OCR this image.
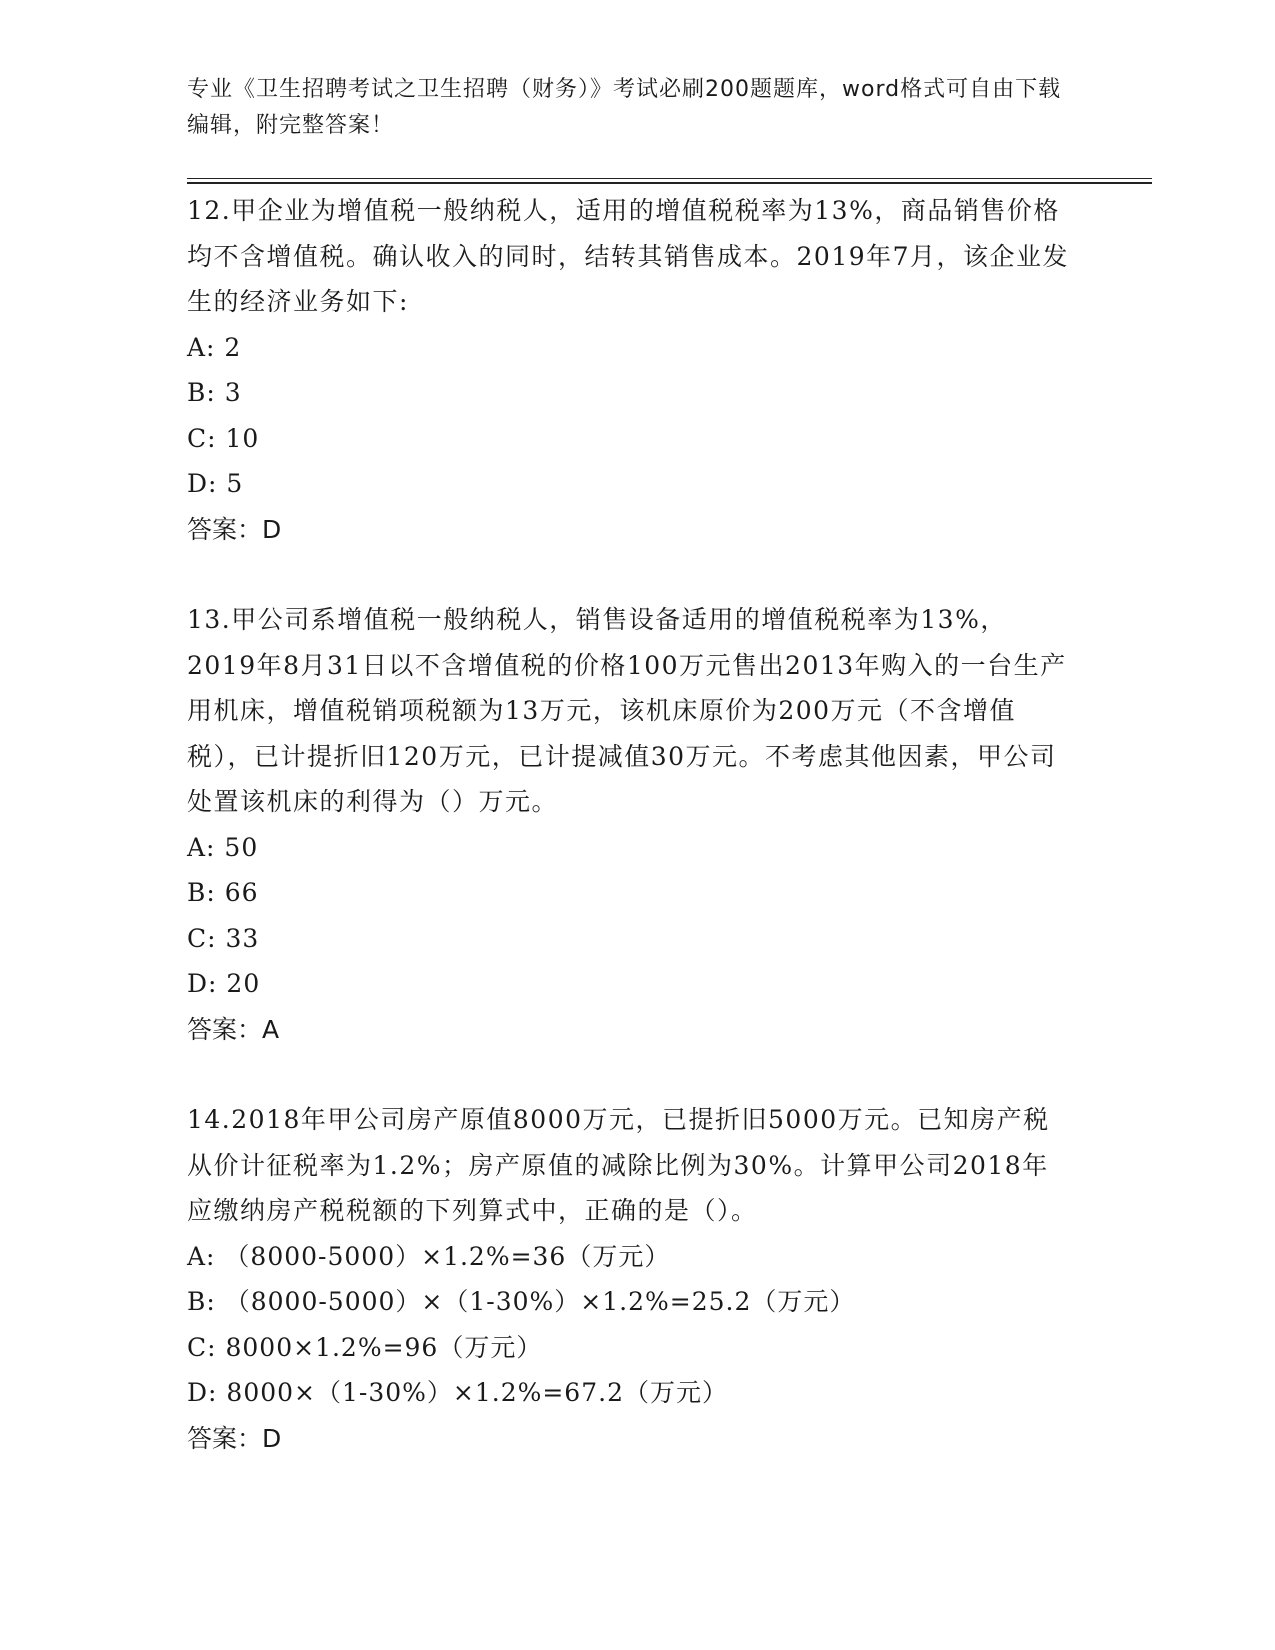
专业《卫生招聘考试之卫生招聘（财务）》考试必刷200题题库，word格式可自由下载编辑，附完整答案！

12.甲企业为增值税一般纳税人，适用的增值税税率为13%，商品销售价格均不含增值税。确认收入的同时，结转其销售成本。2019年7月，该企业发生的经济业务如下:

A: 2

B: 3

C: 10

D: 5

答案：D

13.甲公司系增值税一般纳税人，销售设备适用的增值税税率为13%，2019年8月31日以不含增值税的价格100万元售出2013年购入的一台生产用机床，增值税销项税额为13万元，该机床原价为200万元（不含增值税），已计提折旧120万元，已计提减值30万元。不考虑其他因素，甲公司处置该机床的利得为（）万元。

A: 50

B: 66

C: 33

D: 20

答案：A

14.2018年甲公司房产原值8000万元，已提折旧5000万元。已知房产税从价计征税率为1.2%；房产原值的减除比例为30%。计算甲公司2018年应缴纳房产税税额的下列算式中，正确的是（）。

A: （8000-5000）×1.2%=36（万元）

B: （8000-5000）×（1-30%）×1.2%=25.2（万元）

C: 8000×1.2%=96（万元）

D: 8000×（1-30%）×1.2%=67.2（万元）

答案：D
